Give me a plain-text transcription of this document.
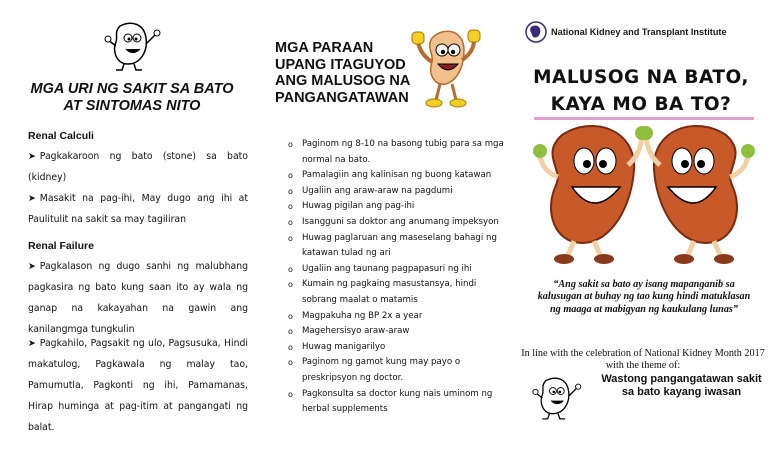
MGA URI NG SAKIT SA BATO AT SINTOMAS NITO
Renal Calculi
➤ Pagkakaroon ng bato (stone) sa bato (kidney)
➤ Masakit na pag-ihi, May dugo ang ihi at Paulitulit na sakit sa may tagiliran
Renal Failure
➤ Pagkalason ng dugo sanhi ng malubhang pagkasira ng bato kung saan ito ay wala ng ganap na kakayahan na gawin ang kanilangmga tungkulin
➤ Pagkahilo, Pagsakit ng ulo, Pagsusuka, Hindi makatulog, Pagkawala ng malay tao, Pamumutla, Pagkonti ng ihi, Pamamanas, Hirap huminga at pag-itim at pangangati ng balat.
MGA PARAAN UPANG ITAGUYOD ANG MALUSOG NA PANGANGATAWAN
o Paginom ng 8-10 na basong tubig para sa mga normal na bato.
o Pamalagiin ang kalinisan ng buong katawan
o Ugaliin ang araw-araw na pagdumi
o Huwag pigilan ang pag-ihi
o Isangguni sa doktor ang anumang impeksyon
o Huwag paglaruan ang maseselang bahagi ng katawan tulad ng ari
o Ugaliin ang taunang pagpapasuri ng ihi
o Kumain ng pagkaing masustansya, hindi sobrang maalat o matamis
o Magpakuha ng BP 2x a year
o Magehersisyo araw-araw
o Huwag manigarilyo
o Paginom ng gamot kung may payo o preskripsyon ng doctor.
o Pagkonsulta sa doctor kung nais uminom ng herbal supplements
National Kidney and Transplant Institute
MALUSOG NA BATO,
KAYA MO BA TO?
“Ang sakit sa bato ay isang mapanganib sa kalusugan at buhay ng tao kung hindi matuklasan ng maaga at mabigyan ng kaukulang lunas”
In line with the celebration of National Kidney Month 2017 with the theme of:
Wastong pangangatawan sakit sa bato kayang iwasan
